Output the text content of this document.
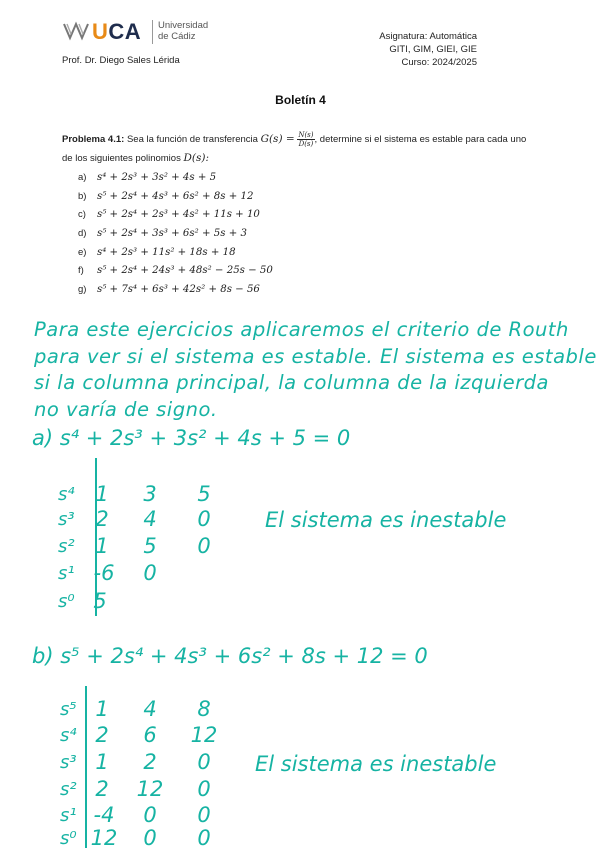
UCA Universidad
de Cádiz	Asignatura: Automática
GITI, GIM, GIEI, GIE
Curso: 2024/2025
Prof. Dr. Diego Sales Lérida
Boletín 4
Problema 4.1: Sea la función de transferencia $G(s) = \frac{N(s)}{D(s)}$ , determine si el sistema es estable para cada uno
de los siguientes polinomios D(s):
a)	s⁴ + 2s³ + 3s² + 4s + 5
b)	s⁵ + 2s⁴ + 4s³ + 6s² + 8s + 12
c)	s⁵ + 2s⁴ + 2s³ + 4s² + 11s + 10
d)	s⁵ + 2s⁴ + 3s³ + 6s² + 5s + 3
e)	s⁴ + 2s³ + 11s² + 18s + 18
f)	s⁵ + 2s⁴ + 24s³ + 48s² − 25s − 50
g)	s⁵ + 7s⁴ + 6s³ + 42s² + 8s − 56
Para este ejercicios aplicaremos el criterio de Routh
para ver si el sistema es estable. El sistema es estable
si la columna principal, la columna de la izquierda
no varía de signo.
a) s⁴ + 2s³ + 3s² + 4s + 5 = 0
s⁴ 1	3	5
s³ 2	4	0
s² 1	5	0
s¹ -6	0
s⁰ 5
El sistema es inestable
b) s⁵ + 2s⁴ + 4s³ + 6s² + 8s + 12 = 0
s⁵ 1	4	8
s⁴ 2	6	12
s³ 1	2	0
s² 2	12	0
s¹ -4	0	0
s⁰ 12	0	0
El sistema es inestable
